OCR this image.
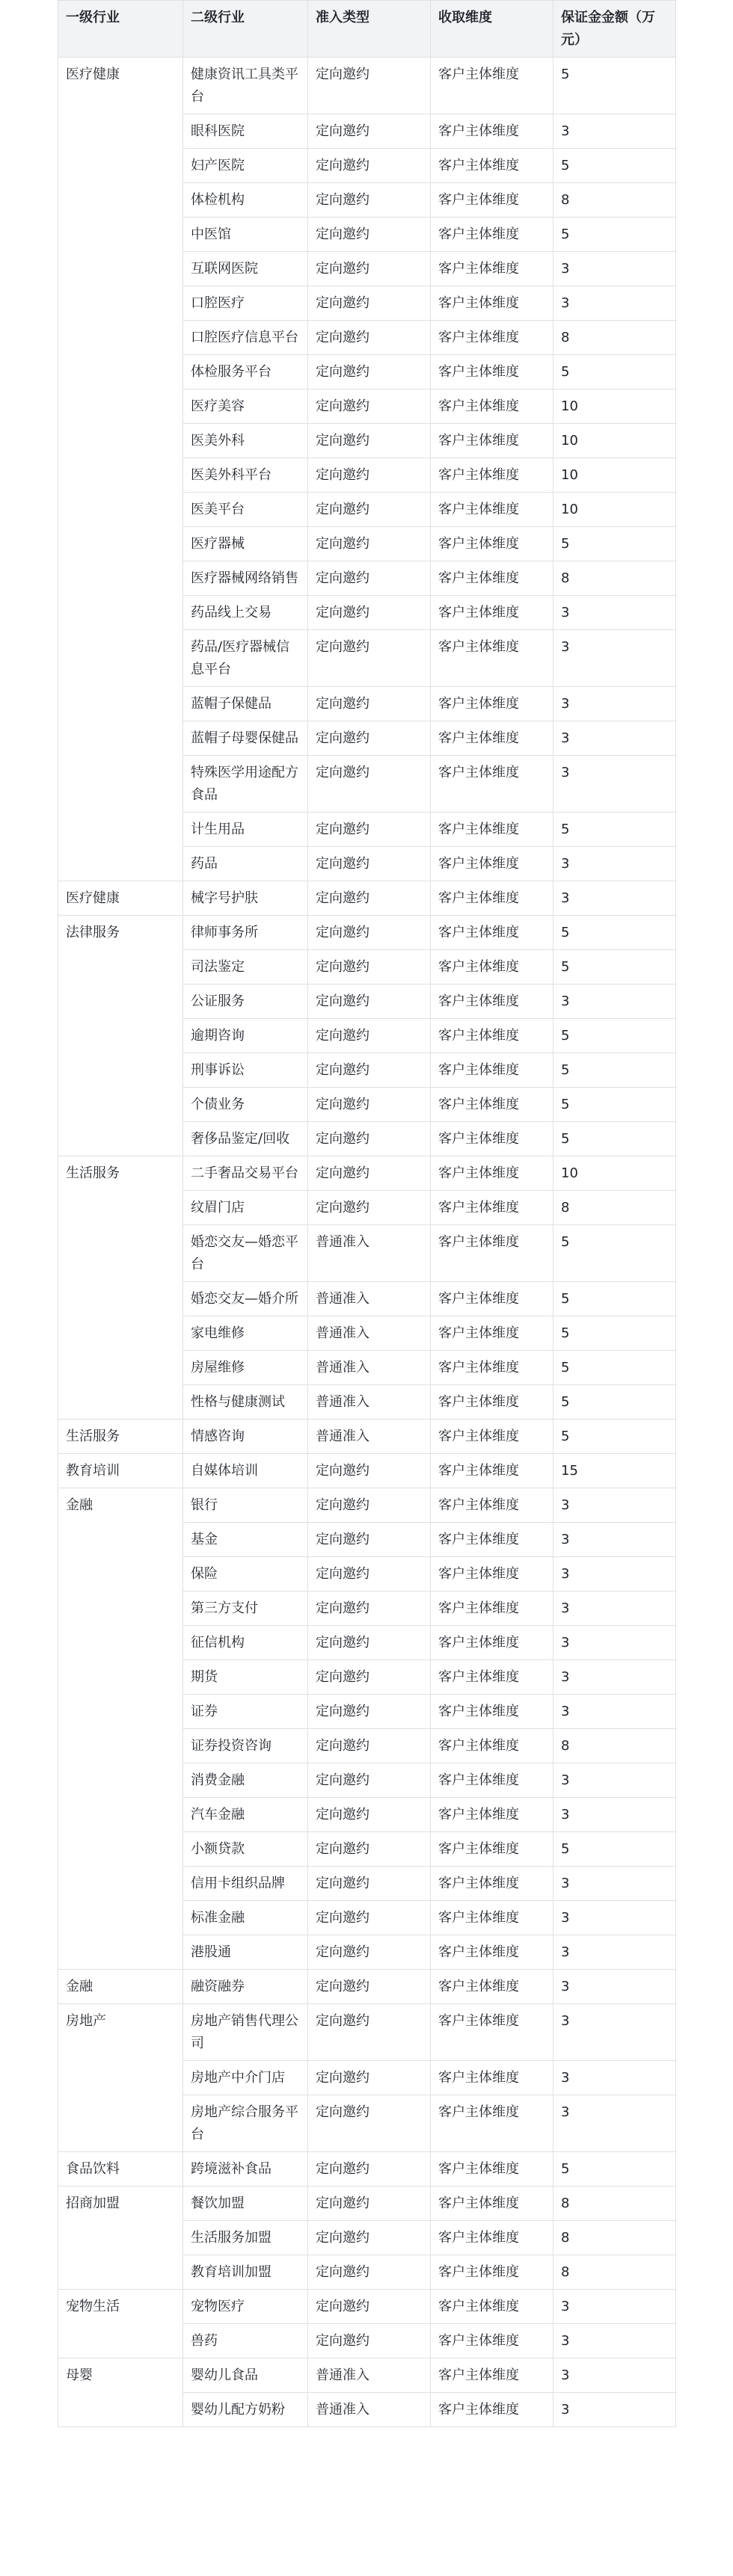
一级行业	二级行业	准入类型	收取维度	保证金金额（万元）
医疗健康	健康资讯工具类平台	定向邀约	客户主体维度	5
	眼科医院	定向邀约	客户主体维度	3
	妇产医院	定向邀约	客户主体维度	5
	体检机构	定向邀约	客户主体维度	8
	中医馆	定向邀约	客户主体维度	5
	互联网医院	定向邀约	客户主体维度	3
	口腔医疗	定向邀约	客户主体维度	3
	口腔医疗信息平台	定向邀约	客户主体维度	8
	体检服务平台	定向邀约	客户主体维度	5
	医疗美容	定向邀约	客户主体维度	10
	医美外科	定向邀约	客户主体维度	10
	医美外科平台	定向邀约	客户主体维度	10
	医美平台	定向邀约	客户主体维度	10
	医疗器械	定向邀约	客户主体维度	5
	医疗器械网络销售	定向邀约	客户主体维度	8
	药品线上交易	定向邀约	客户主体维度	3
	药品/医疗器械信息平台	定向邀约	客户主体维度	3
	蓝帽子保健品	定向邀约	客户主体维度	3
	蓝帽子母婴保健品	定向邀约	客户主体维度	3
	特殊医学用途配方食品	定向邀约	客户主体维度	3
	计生用品	定向邀约	客户主体维度	5
	药品	定向邀约	客户主体维度	3
医疗健康	械字号护肤	定向邀约	客户主体维度	3
法律服务	律师事务所	定向邀约	客户主体维度	5
	司法鉴定	定向邀约	客户主体维度	5
	公证服务	定向邀约	客户主体维度	3
	逾期咨询	定向邀约	客户主体维度	5
	刑事诉讼	定向邀约	客户主体维度	5
	个债业务	定向邀约	客户主体维度	5
	奢侈品鉴定/回收	定向邀约	客户主体维度	5
生活服务	二手奢品交易平台	定向邀约	客户主体维度	10
	纹眉门店	定向邀约	客户主体维度	8
	婚恋交友—婚恋平台	普通准入	客户主体维度	5
	婚恋交友—婚介所	普通准入	客户主体维度	5
	家电维修	普通准入	客户主体维度	5
	房屋维修	普通准入	客户主体维度	5
	性格与健康测试	普通准入	客户主体维度	5
生活服务	情感咨询	普通准入	客户主体维度	5
教育培训	自媒体培训	定向邀约	客户主体维度	15
金融	银行	定向邀约	客户主体维度	3
	基金	定向邀约	客户主体维度	3
	保险	定向邀约	客户主体维度	3
	第三方支付	定向邀约	客户主体维度	3
	征信机构	定向邀约	客户主体维度	3
	期货	定向邀约	客户主体维度	3
	证券	定向邀约	客户主体维度	3
	证券投资咨询	定向邀约	客户主体维度	8
	消费金融	定向邀约	客户主体维度	3
	汽车金融	定向邀约	客户主体维度	3
	小额贷款	定向邀约	客户主体维度	5
	信用卡组织品牌	定向邀约	客户主体维度	3
	标准金融	定向邀约	客户主体维度	3
	港股通	定向邀约	客户主体维度	3
金融	融资融券	定向邀约	客户主体维度	3
房地产	房地产销售代理公司	定向邀约	客户主体维度	3
	房地产中介门店	定向邀约	客户主体维度	3
	房地产综合服务平台	定向邀约	客户主体维度	3
食品饮料	跨境滋补食品	定向邀约	客户主体维度	5
招商加盟	餐饮加盟	定向邀约	客户主体维度	8
	生活服务加盟	定向邀约	客户主体维度	8
	教育培训加盟	定向邀约	客户主体维度	8
宠物生活	宠物医疗	定向邀约	客户主体维度	3
	兽药	定向邀约	客户主体维度	3
母婴	婴幼儿食品	普通准入	客户主体维度	3
	婴幼儿配方奶粉	普通准入	客户主体维度	3
